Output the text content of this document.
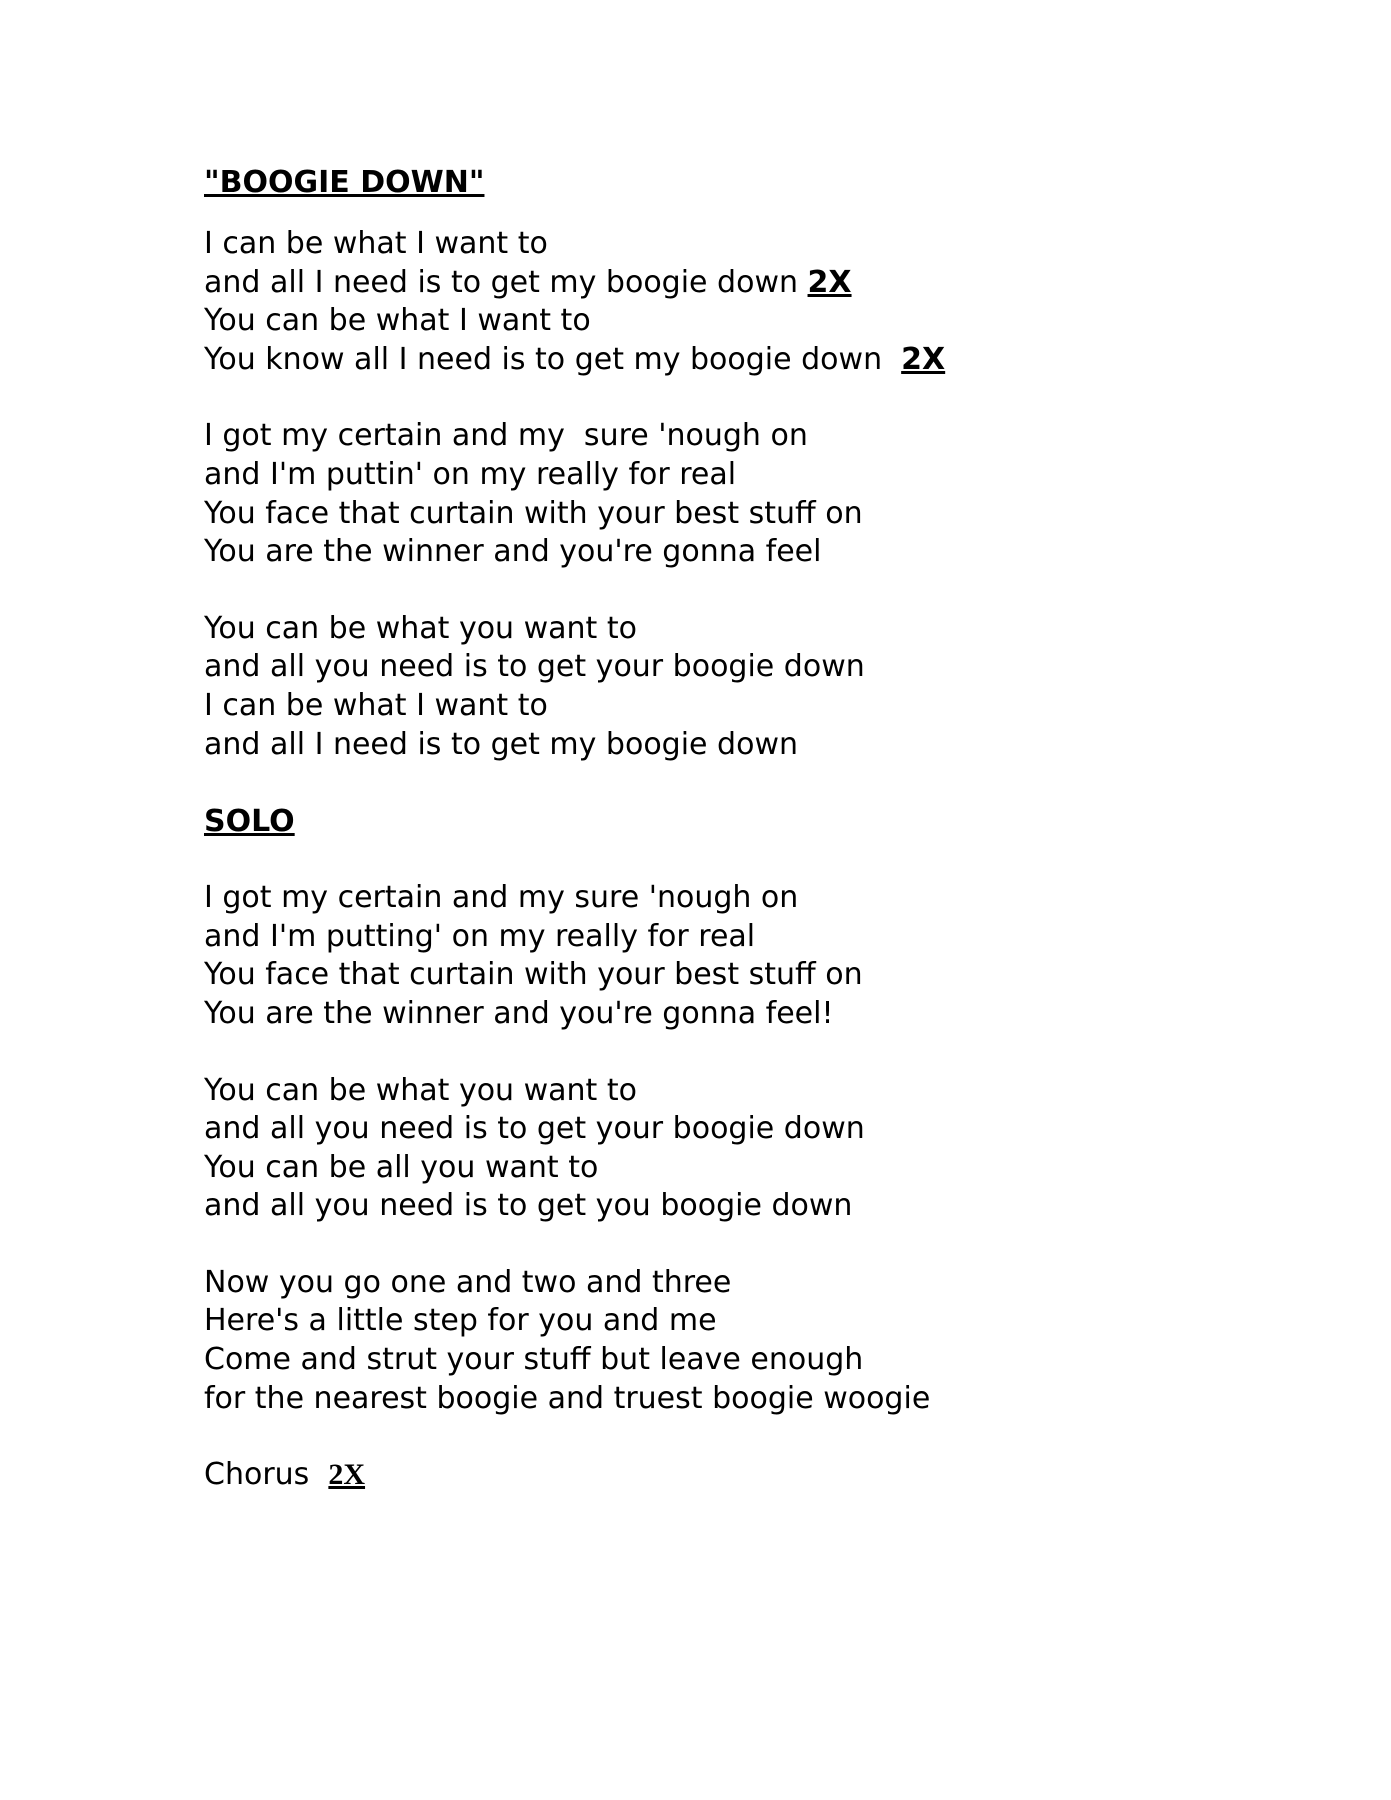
"BOOGIE DOWN"
I can be what I want to
and all I need is to get my boogie down 2X
You can be what I want to
You know all I need is to get my boogie down  2X
I got my certain and my  sure 'nough on
and I'm puttin' on my really for real
You face that curtain with your best stuff on
You are the winner and you're gonna feel
You can be what you want to
and all you need is to get your boogie down
I can be what I want to
and all I need is to get my boogie down
SOLO
I got my certain and my sure 'nough on
and I'm putting' on my really for real
You face that curtain with your best stuff on
You are the winner and you're gonna feel!
You can be what you want to
and all you need is to get your boogie down
You can be all you want to
and all you need is to get you boogie down
Now you go one and two and three
Here's a little step for you and me
Come and strut your stuff but leave enough
for the nearest boogie and truest boogie woogie
Chorus  2X
